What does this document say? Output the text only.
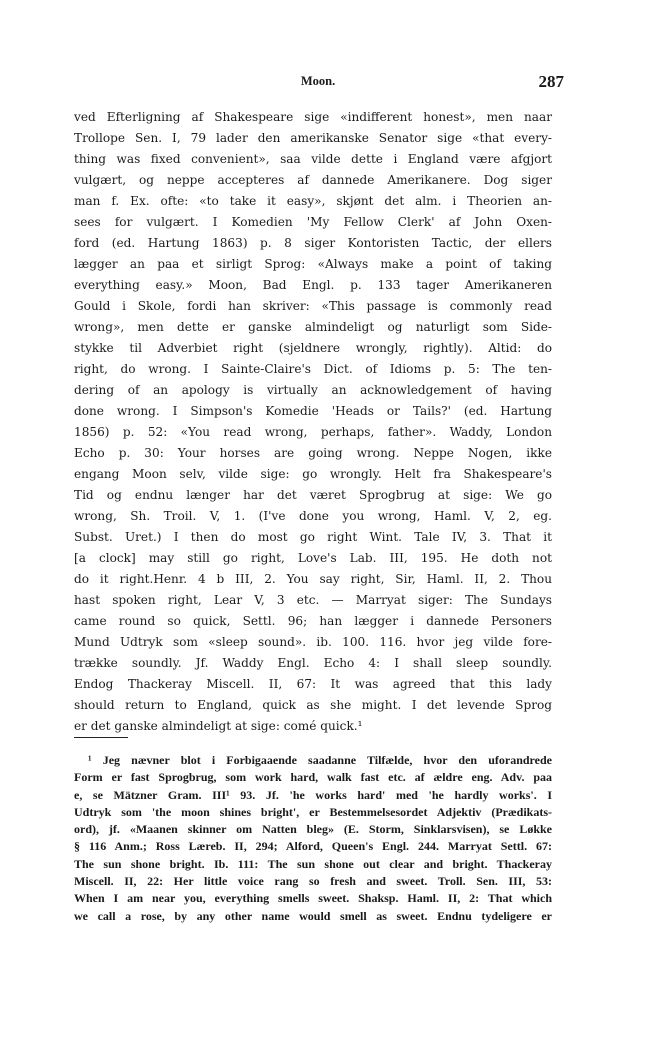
Moon.	287
ved Efterligning af Shakespeare sige «indifferent honest», men naar
Trollope Sen. I, 79 lader den amerikanske Senator sige «that every-
thing was fixed convenient», saa vilde dette i England være afgjort
vulgært, og neppe accepteres af dannede Amerikanere. Dog siger
man f. Ex. ofte: «to take it easy», skjønt det alm. i Theorien an-
sees for vulgært. I Komedien 'My Fellow Clerk' af John Oxen-
ford (ed. Hartung 1863) p. 8 siger Kontoristen Tactic, der ellers
lægger an paa et sirligt Sprog: «Always make a point of taking
everything easy.» Moon, Bad Engl. p. 133 tager Amerikaneren
Gould i Skole, fordi han skriver: «This passage is commonly read
wrong», men dette er ganske almindeligt og naturligt som Side-
stykke til Adverbiet right (sjeldnere wrongly, rightly). Altid: do
right, do wrong. I Sainte-Claire's Dict. of Idioms p. 5: The ten-
dering of an apology is virtually an acknowledgement of having
done wrong. I Simpson's Komedie 'Heads or Tails?' (ed. Hartung
1856) p. 52: «You read wrong, perhaps, father». Waddy, London
Echo p. 30: Your horses are going wrong. Neppe Nogen, ikke
engang Moon selv, vilde sige: go wrongly. Helt fra Shakespeare's
Tid og endnu længer har det været Sprogbrug at sige: We go
wrong, Sh. Troil. V, 1. (I've done you wrong, Haml. V, 2, eg.
Subst. Uret.) I then do most go right Wint. Tale IV, 3. That it
[a clock] may still go right, Love's Lab. III, 195. He doth not
do it right.Henr. 4 b III, 2. You say right, Sir, Haml. II, 2. Thou
hast spoken right, Lear V, 3 etc. — Marryat siger: The Sundays
came round so quick, Settl. 96; han lægger i dannede Personers
Mund Udtryk som «sleep sound». ib. 100. 116. hvor jeg vilde fore-
trække soundly. Jf. Waddy Engl. Echo 4: I shall sleep soundly.
Endog Thackeray Miscell. II, 67: It was agreed that this lady
should return to England, quick as she might. I det levende Sprog
er det ganske almindeligt at sige: comé quick.¹
¹ Jeg nævner blot i Forbigaaende saadanne Tilfælde, hvor den uforandrede
Form er fast Sprogbrug, som work hard, walk fast etc. af ældre eng. Adv. paa
e, se Mätzner Gram. III¹ 93. Jf. 'he works hard' med 'he hardly works'. I
Udtryk som 'the moon shines bright', er Bestemmelsesordet Adjektiv (Prædikats-
ord), jf. «Maanen skinner om Natten bleg» (E. Storm, Sinklarsvisen), se Løkke
§ 116 Anm.; Ross Læreb. II, 294; Alford, Queen's Engl. 244. Marryat Settl. 67:
The sun shone bright. Ib. 111: The sun shone out clear and bright. Thackeray
Miscell. II, 22: Her little voice rang so fresh and sweet. Troll. Sen. III, 53:
When I am near you, everything smells sweet. Shaksp. Haml. II, 2: That which
we call a rose, by any other name would smell as sweet. Endnu tydeligere er
